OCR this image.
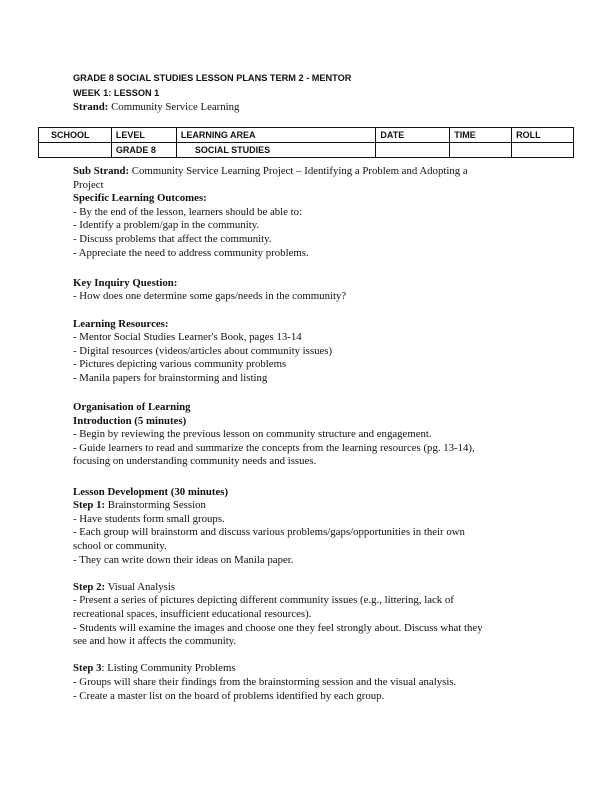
GRADE 8 SOCIAL STUDIES LESSON PLANS TERM 2 - MENTOR
WEEK 1: LESSON 1
Strand: Community Service Learning
SCHOOL	LEVEL	LEARNING AREA	DATE	TIME	ROLL
	GRADE 8	SOCIAL STUDIES			
Sub Strand: Community Service Learning Project – Identifying a Problem and Adopting a
Project
Specific Learning Outcomes:
- By the end of the lesson, learners should be able to:
- Identify a problem/gap in the community.
- Discuss problems that affect the community.
- Appreciate the need to address community problems.
Key Inquiry Question:
- How does one determine some gaps/needs in the community?
Learning Resources:
- Mentor Social Studies Learner's Book, pages 13-14
- Digital resources (videos/articles about community issues)
- Pictures depicting various community problems
- Manila papers for brainstorming and listing
Organisation of Learning
Introduction (5 minutes)
- Begin by reviewing the previous lesson on community structure and engagement.
- Guide learners to read and summarize the concepts from the learning resources (pg. 13-14),
focusing on understanding community needs and issues.
Lesson Development (30 minutes)
Step 1: Brainstorming Session
- Have students form small groups.
- Each group will brainstorm and discuss various problems/gaps/opportunities in their own
school or community.
- They can write down their ideas on Manila paper.
Step 2: Visual Analysis
- Present a series of pictures depicting different community issues (e.g., littering, lack of
recreational spaces, insufficient educational resources).
- Students will examine the images and choose one they feel strongly about. Discuss what they
see and how it affects the community.
Step 3: Listing Community Problems
- Groups will share their findings from the brainstorming session and the visual analysis.
- Create a master list on the board of problems identified by each group.
